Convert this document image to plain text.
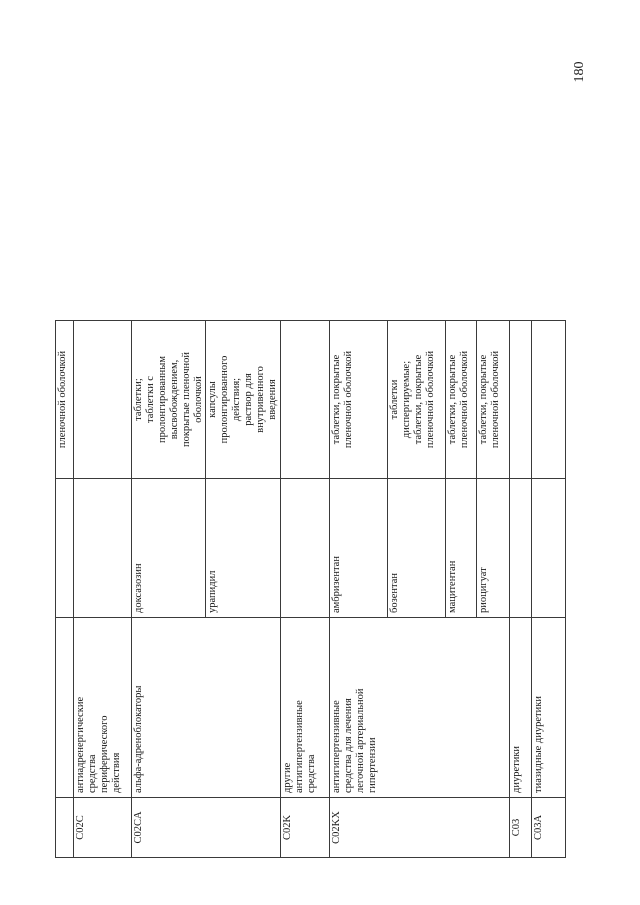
180
пленочной оболочкой
C02C
антиадренергические
средства
периферического
действия
C02CA
альфа-адреноблокаторы
доксазозин
таблетки;
таблетки с
пролонгированным
высвобождением,
покрытые пленочной
оболочкой
урапидил
капсулы
пролонгированного
действия;
раствор для
внутривенного
введения
C02K
другие
антигипертензивные
средства
C02KX
антигипертензивные
средства для лечения
легочной артериальной
гипертензии
амбризентан
таблетки, покрытые
пленочной оболочкой
бозентан
таблетки
диспергируемые;
таблетки, покрытые
пленочной оболочкой
мацитентан
таблетки, покрытые
пленочной оболочкой
риоцигуат
таблетки, покрытые
пленочной оболочкой
C03
диуретики
C03A
тиазидные диуретики
